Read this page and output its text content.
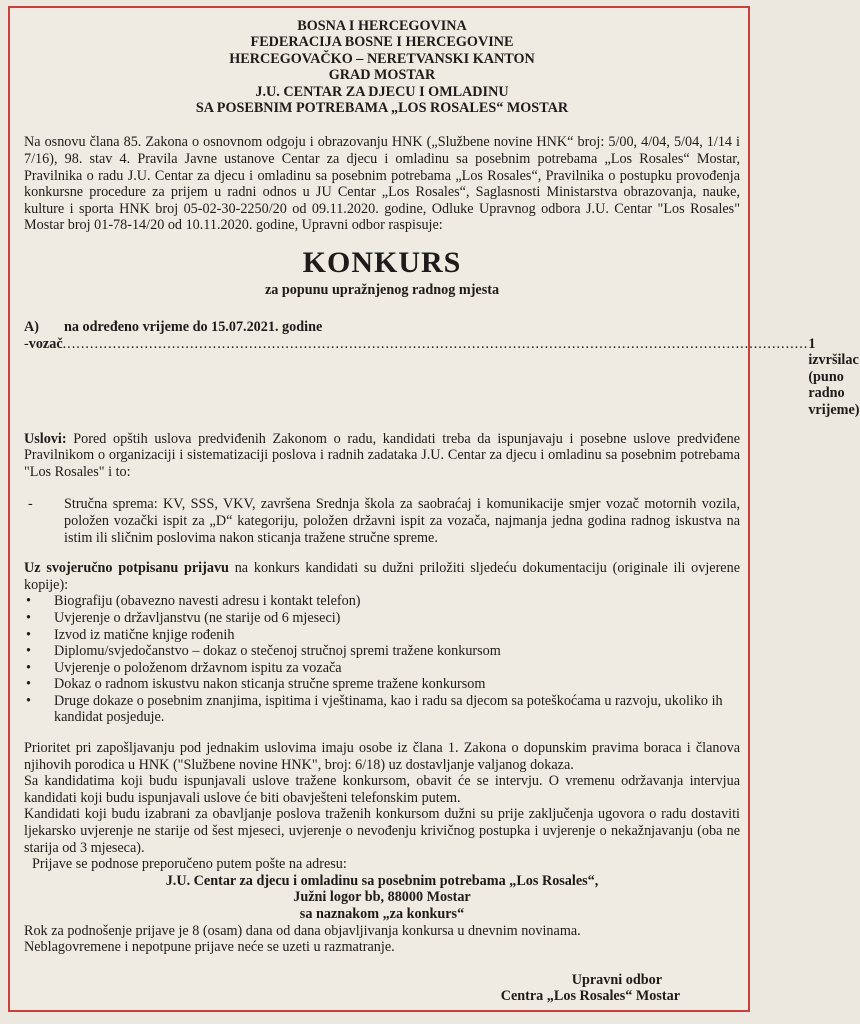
BOSNA I HERCEGOVINA
FEDERACIJA BOSNE I HERCEGOVINE
HERCEGOVAČKO – NERETVANSKI KANTON
GRAD MOSTAR
J.U. CENTAR ZA DJECU I OMLADINU
SA POSEBNIM POTREBAMA „LOS ROSALES“ MOSTAR
Na osnovu člana 85. Zakona o osnovnom odgoju i obrazovanju HNK („Službene novine HNK“ broj: 5/00, 4/04, 5/04, 1/14 i 7/16), 98. stav 4. Pravila Javne ustanove Centar za djecu i omladinu sa posebnim potrebama „Los Rosales“ Mostar, Pravilnika o radu J.U. Centar za djecu i omladinu sa posebnim potrebama „Los Rosales“, Pravilnika o postupku provođenja konkursne procedure za prijem u radni odnos u JU Centar „Los Rosales“, Saglasnosti Ministarstva obrazovanja, nauke, kulture i sporta HNK broj 05-02-30-2250/20 od 09.11.2020. godine, Odluke Upravnog odbora J.U. Centar "Los Rosales" Mostar broj 01-78-14/20 od 10.11.2020. godine, Upravni odbor raspisuje:
KONKURS
za popunu upražnjenog radnog mjesta
A) na određeno vrijeme do 15.07.2021. godine
- vozač .................................................................................................................................................................... 1 izvršilac (puno radno vrijeme)
Uslovi: Pored opštih uslova predviđenih Zakonom o radu, kandidati treba da ispunjavaju i posebne uslove predviđene Pravilnikom o organizaciji i sistematizaciji poslova i radnih zadataka J.U. Centar za djecu i omladinu sa posebnim potrebama "Los Rosales" i to:
-	Stručna sprema: KV, SSS, VKV, završena Srednja škola za saobraćaj i komunikacije smjer vozač motornih vozila, položen vozački ispit za „D“ kategoriju, položen državni ispit za vozača, najmanja jedna godina radnog iskustva na istim ili sličnim poslovima nakon sticanja tražene stručne spreme.
Uz svojeručno potpisanu prijavu na konkurs kandidati su dužni priložiti sljedeću dokumentaciju (originale ili ovjerene kopije):
•	Biografiju (obavezno navesti adresu i kontakt telefon)
•	Uvjerenje o državljanstvu (ne starije od 6 mjeseci)
•	Izvod iz matične knjige rođenih
•	Diplomu/svjedočanstvo – dokaz o stečenoj stručnoj spremi tražene konkursom
•	Uvjerenje o položenom državnom ispitu za vozača
•	Dokaz o radnom iskustvu nakon sticanja stručne spreme tražene konkursom
•	Druge dokaze o posebnim znanjima, ispitima i vještinama, kao i radu sa djecom sa poteškoćama u razvoju, ukoliko ih kandidat posjeduje.
Prioritet pri zapošljavanju pod jednakim uslovima imaju osobe iz člana 1. Zakona o dopunskim pravima boraca i članova njihovih porodica u HNK ("Službene novine HNK", broj: 6/18) uz dostavljanje valjanog dokaza.
Sa kandidatima koji budu ispunjavali uslove tražene konkursom, obavit će se intervju. O vremenu održavanja intervjua kandidati koji budu ispunjavali uslove će biti obavješteni telefonskim putem.
Kandidati koji budu izabrani za obavljanje poslova traženih konkursom dužni su prije zaključenja ugovora o radu dostaviti ljekarsko uvjerenje ne starije od šest mjeseci, uvjerenje o nevođenju krivičnog postupka i uvjerenje o nekažnjavanju (oba ne starija od 3 mjeseca).
Prijave se podnose preporučeno putem pošte na adresu:
J.U. Centar za djecu i omladinu sa posebnim potrebama „Los Rosales“,
Južni logor bb, 88000 Mostar
sa naznakom „za konkurs“
Rok za podnošenje prijave je 8 (osam) dana od dana objavljivanja konkursa u dnevnim novinama.
Neblagovremene i nepotpune prijave neće se uzeti u razmatranje.
Upravni odbor
Centra „Los Rosales“ Mostar
